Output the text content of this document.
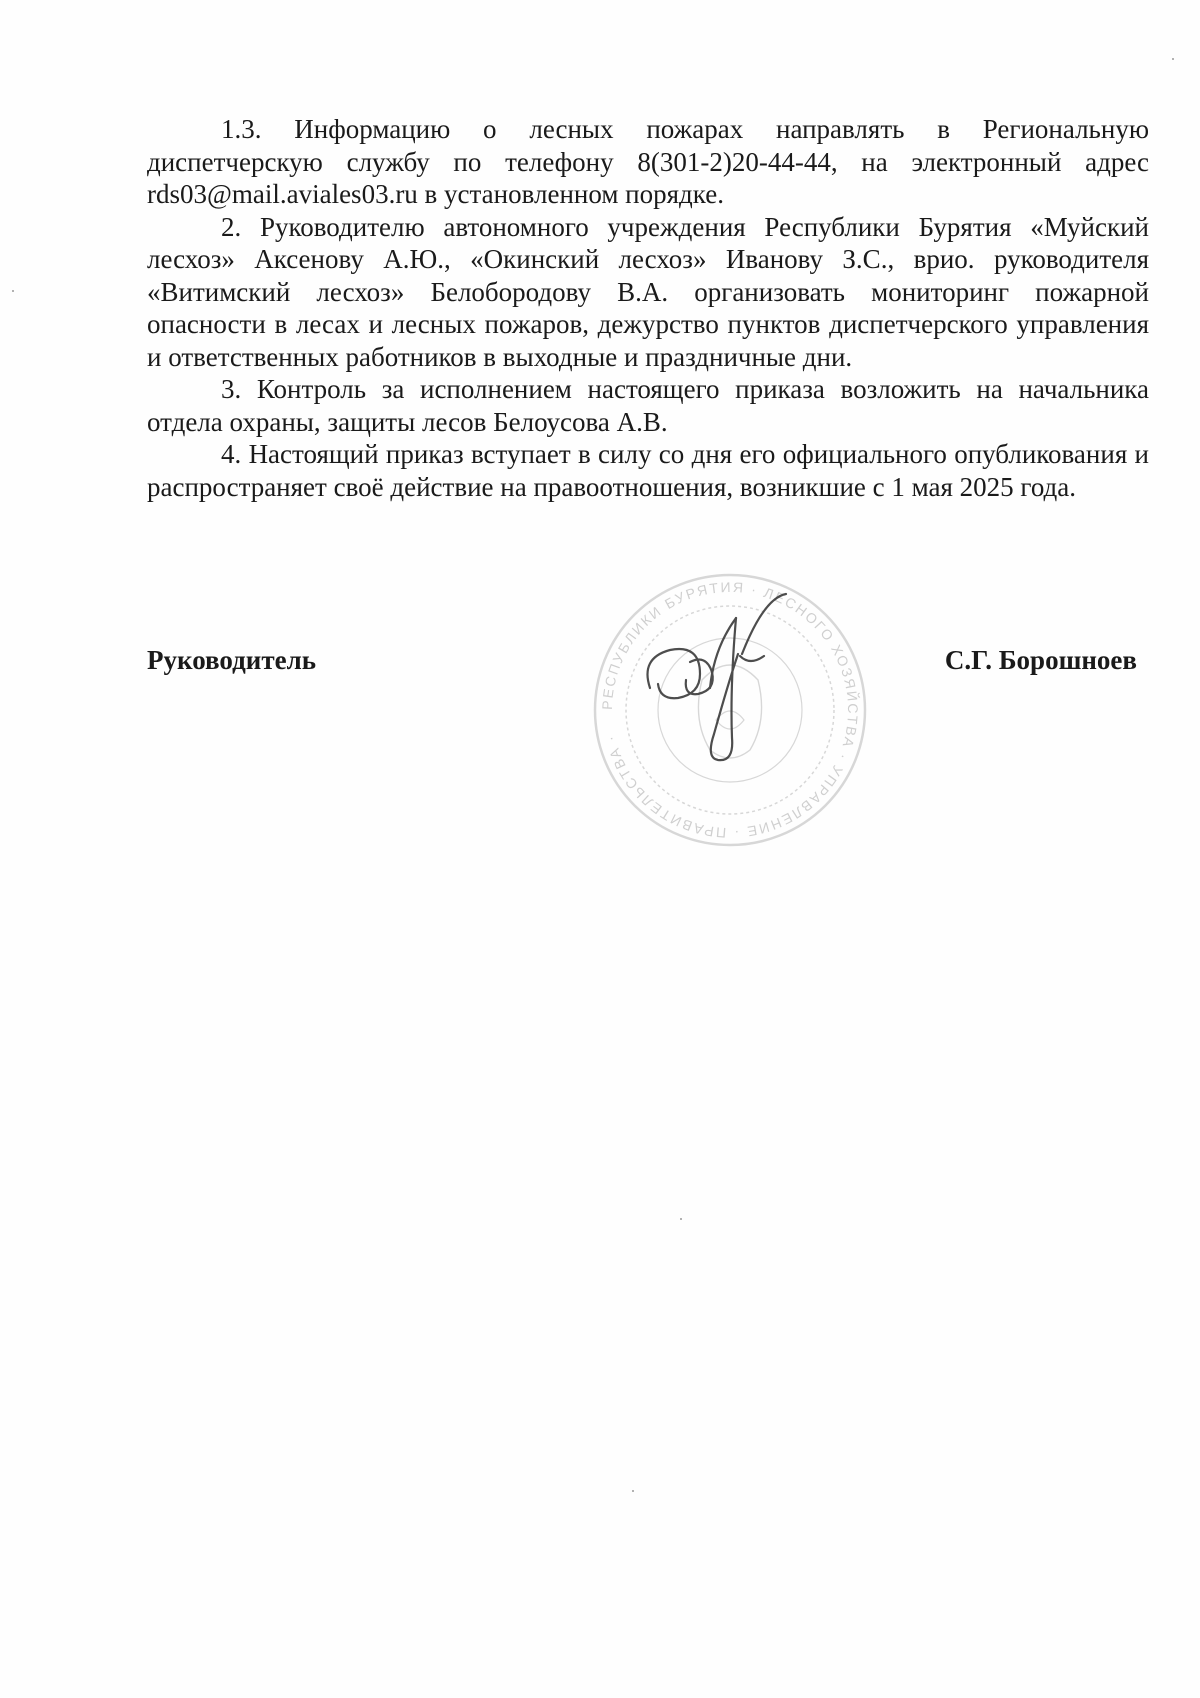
1.3. Информацию о лесных пожарах направлять в Региональную диспетчерскую службу по телефону 8(301-2)20-44-44, на электронный адрес rds03@mail.aviales03.ru в установленном порядке.

2. Руководителю автономного учреждения Республики Бурятия «Муйский лесхоз» Аксенову А.Ю., «Окинский лесхоз» Иванову З.С., врио. руководителя «Витимский лесхоз» Белобородову В.А. организовать мониторинг пожарной опасности в лесах и лесных пожаров, дежурство пунктов диспетчерского управления и ответственных работников в выходные и праздничные дни.

3. Контроль за исполнением настоящего приказа возложить на начальника отдела охраны, защиты лесов Белоусова А.В.

4. Настоящий приказ вступает в силу со дня его официального опубликования и распространяет своё действие на правоотношения, возникшие с 1 мая 2025 года.

РЕСПУБЛИКИ БУРЯТИЯ · ЛЕСНОГО ХОЗЯЙСТВА · УПРАВЛЕНИЕ · ПРАВИТЕЛЬСТВА ·
Руководитель	С.Г. Борошноев
